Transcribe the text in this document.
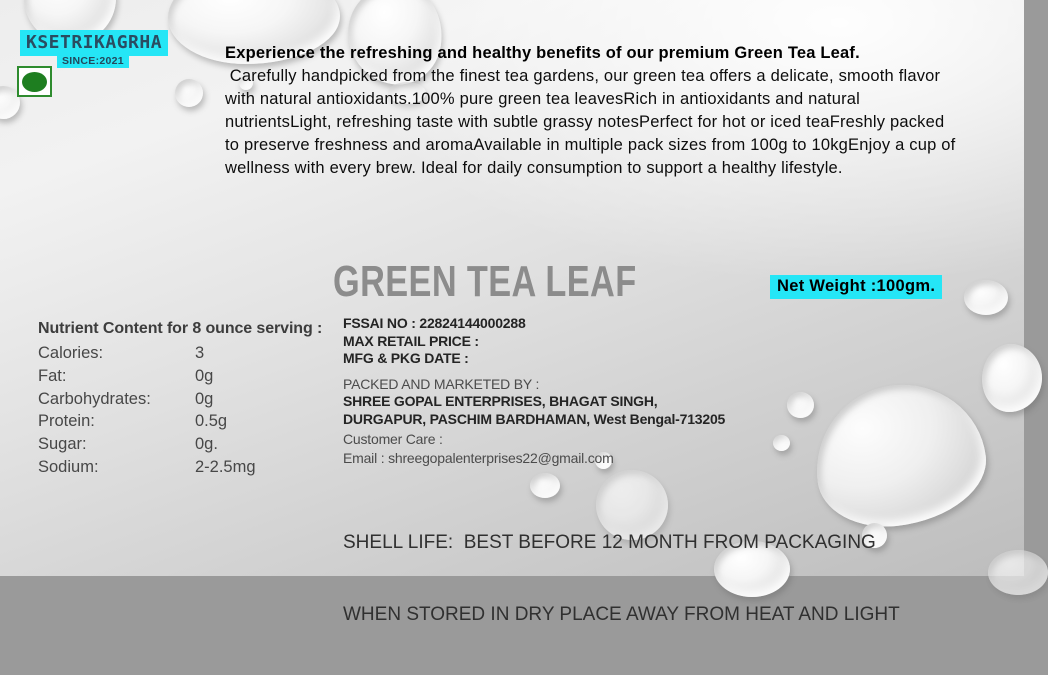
KSETRIKAGRHA
SINCE:2021	Experience the refreshing and healthy benefits of our premium Green Tea Leaf.
Carefully handpicked from the finest tea gardens, our green tea offers a delicate, smooth flavor with natural antioxidants.100% pure green tea leavesRich in antioxidants and natural nutrientsLight, refreshing taste with subtle grassy notesPerfect for hot or iced teaFreshly packed to preserve freshness and aromaAvailable in multiple pack sizes from 100g to 10kgEnjoy a cup of wellness with every brew. Ideal for daily consumption to support a healthy lifestyle.
GREEN TEA LEAF	Net Weight :100gm.
Nutrient Content for 8 ounce serving :
Calories:	3
Fat:	0g
Carbohydrates:	0g
Protein:	0.5g
Sugar:	0g.
Sodium:	2-2.5mg
FSSAI NO : 22824144000288
MAX RETAIL PRICE :
MFG & PKG DATE :
PACKED AND MARKETED BY :
SHREE GOPAL ENTERPRISES, BHAGAT SINGH,
DURGAPUR, PASCHIM BARDHAMAN, West Bengal-713205
Customer Care :
Email : shreegopalenterprises22@gmail.com

SHELL LIFE:  BEST BEFORE 12 MONTH FROM PACKAGING

WHEN STORED IN DRY PLACE AWAY FROM HEAT AND LIGHT
